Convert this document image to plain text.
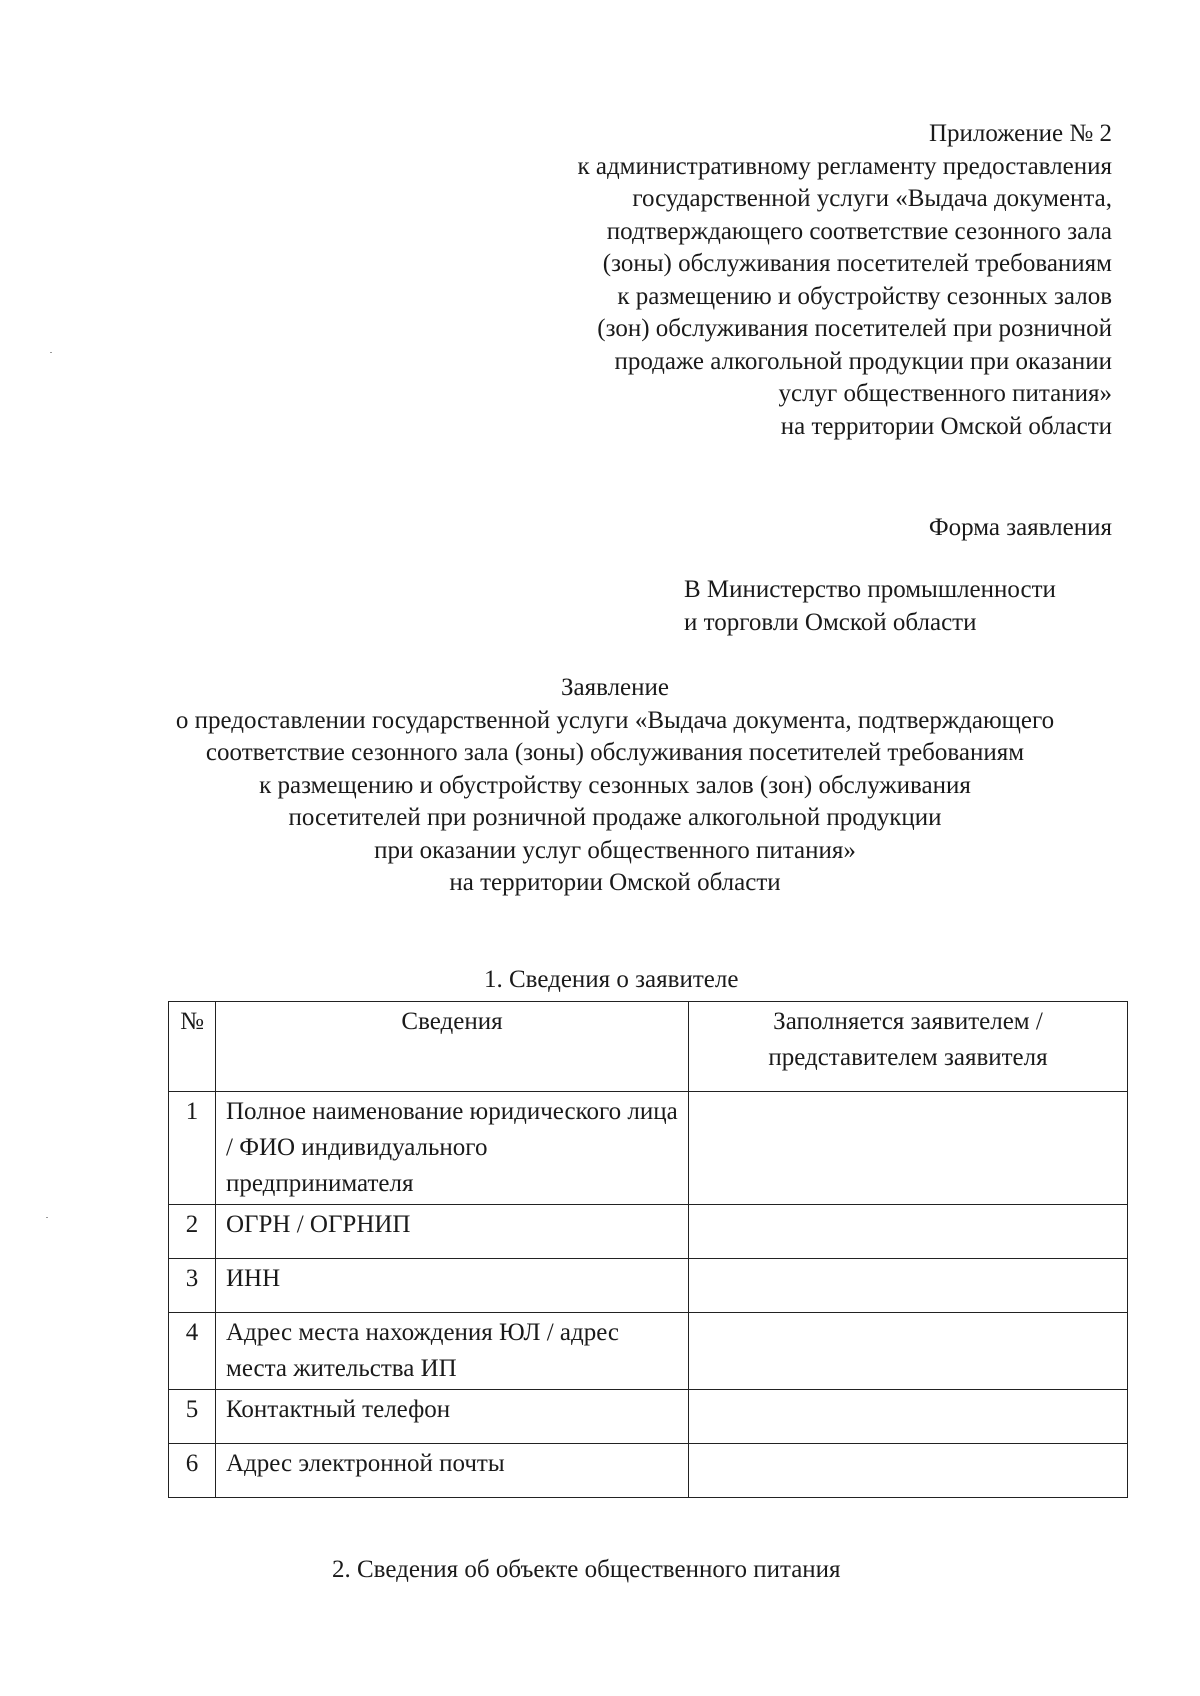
Приложение № 2
к административному регламенту предоставления
государственной услуги «Выдача документа,
подтверждающего соответствие сезонного зала
(зоны) обслуживания посетителей требованиям
к размещению и обустройству сезонных залов
(зон) обслуживания посетителей при розничной
продаже алкогольной продукции при оказании
услуг общественного питания»
на территории Омской области
Форма заявления
В Министерство промышленности
и торговли Омской области
Заявление
о предоставлении государственной услуги «Выдача документа, подтверждающего
соответствие сезонного зала (зоны) обслуживания посетителей требованиям
к размещению и обустройству сезонных залов (зон) обслуживания
посетителей при розничной продаже алкогольной продукции
при оказании услуг общественного питания»
на территории Омской области
1. Сведения о заявителе
№	Сведения	Заполняется заявителем / представителем заявителя
1	Полное наименование юридического лица / ФИО индивидуального предпринимателя	
2	ОГРН / ОГРНИП	
3	ИНН	
4	Адрес места нахождения ЮЛ / адрес места жительства ИП	
5	Контактный телефон	
6	Адрес электронной почты	
2. Сведения об объекте общественного питания
